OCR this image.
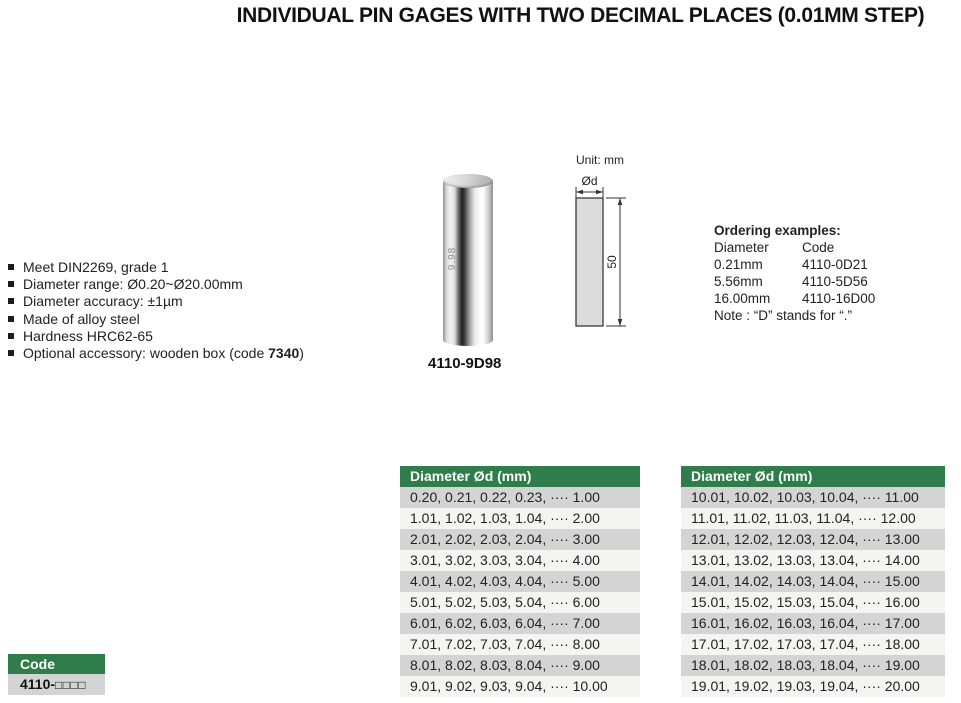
INDIVIDUAL PIN GAGES WITH TWO DECIMAL PLACES (0.01MM STEP)
Meet DIN2269, grade 1
Diameter range: Ø0.20~Ø20.00mm
Diameter accuracy: ±1µm
Made of alloy steel
Hardness HRC62-65
Optional accessory: wooden box (code 7340)
9.98
4110-9D98
Unit: mm
Ød
50
Ordering examples:
Diameter	Code
0.21mm	4110-0D21
5.56mm	4110-5D56
16.00mm	4110-16D00
Note : “D” stands for “.”
Diameter Ød (mm)
0.20, 0.21, 0.22, 0.23, ···· 1.00
1.01, 1.02, 1.03, 1.04, ···· 2.00
2.01, 2.02, 2.03, 2.04, ···· 3.00
3.01, 3.02, 3.03, 3.04, ···· 4.00
4.01, 4.02, 4.03, 4.04, ···· 5.00
5.01, 5.02, 5.03, 5.04, ···· 6.00
6.01, 6.02, 6.03, 6.04, ···· 7.00
7.01, 7.02, 7.03, 7.04, ···· 8.00
8.01, 8.02, 8.03, 8.04, ···· 9.00
9.01, 9.02, 9.03, 9.04, ···· 10.00
Diameter Ød (mm)
10.01, 10.02, 10.03, 10.04, ···· 11.00
11.01, 11.02, 11.03, 11.04, ···· 12.00
12.01, 12.02, 12.03, 12.04, ···· 13.00
13.01, 13.02, 13.03, 13.04, ···· 14.00
14.01, 14.02, 14.03, 14.04, ···· 15.00
15.01, 15.02, 15.03, 15.04, ···· 16.00
16.01, 16.02, 16.03, 16.04, ···· 17.00
17.01, 17.02, 17.03, 17.04, ···· 18.00
18.01, 18.02, 18.03, 18.04, ···· 19.00
19.01, 19.02, 19.03, 19.04, ···· 20.00
Code
4110-□□□□
